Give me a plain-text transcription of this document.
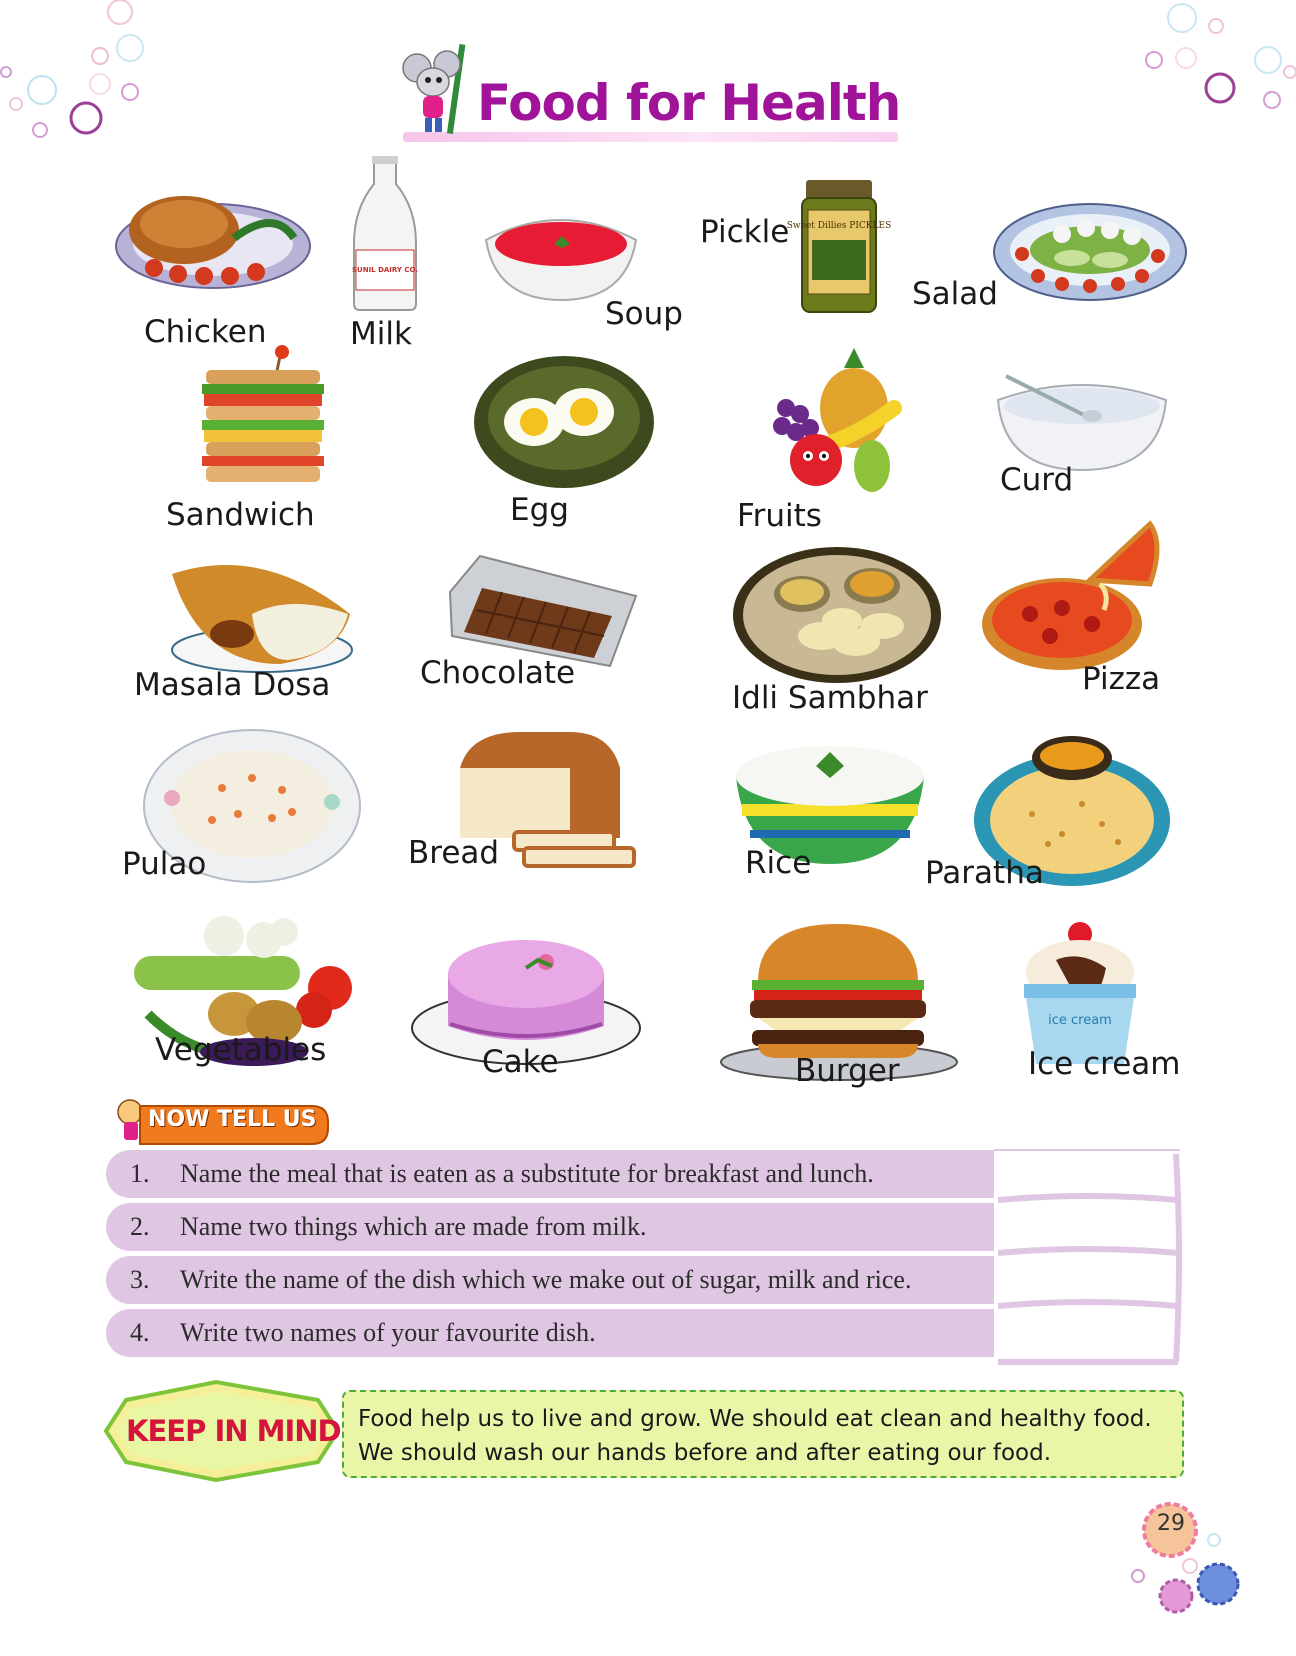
Food for Health
Chicken
SUNIL DAIRY CO.
Milk
Soup
Pickle
Sweet Dillies PICKLES
Salad
Sandwich	Egg	Fruits
Curd
Masala Dosa	Chocolate
Idli Sambhar
Pizza
Pulao	Bread	Rice	Paratha
Vegetables	Cake	Burger
ice cream
Ice cream
NOW TELL US
1. Name the meal that is eaten as a substitute for breakfast and lunch.
2. Name two things which are made from milk.
3. Write the name of the dish which we make out of sugar, milk and rice.
4. Write two names of your favourite dish.
KEEP IN MIND Food help us to live and grow. We should eat clean and healthy food.
We should wash our hands before and after eating our food.
29
